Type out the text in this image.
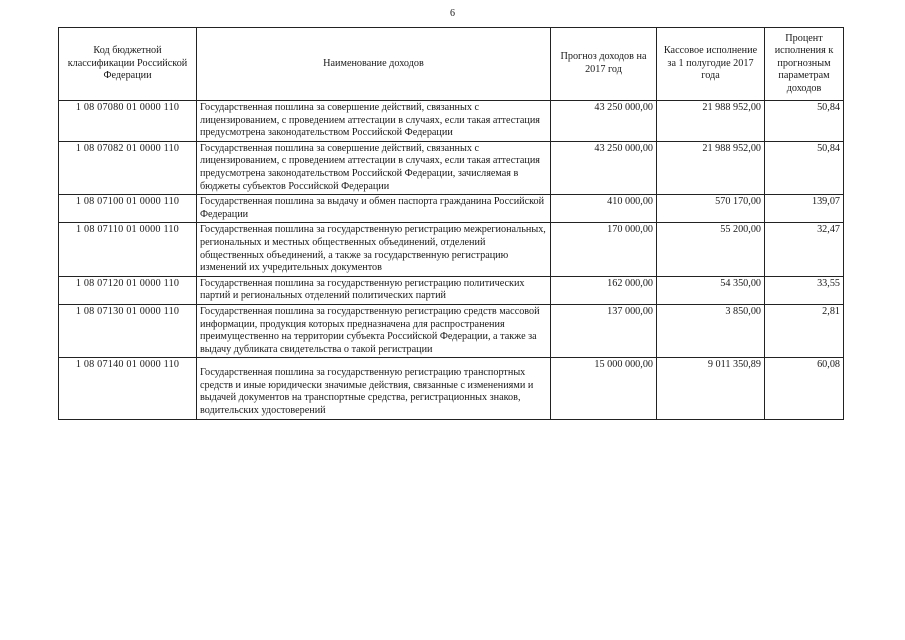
6
Код бюджетной классификации Российской Федерации	Наименование доходов	Прогноз доходов на 2017 год	Кассовое исполнение за 1 полугодие 2017 года	Процент исполнения к прогнозным параметрам доходов
1 08 07080 01 0000 110	Государственная пошлина за совершение действий, связанных с лицензированием, с проведением аттестации в случаях, если такая аттестация предусмотрена законодательством Российской Федерации	43 250 000,00	21 988 952,00	50,84
1 08 07082 01 0000 110	Государственная пошлина за совершение действий, связанных с лицензированием, с проведением аттестации в случаях, если такая аттестация предусмотрена законодательством Российской Федерации, зачисляемая в бюджеты субъектов Российской Федерации	43 250 000,00	21 988 952,00	50,84
1 08 07100 01 0000 110	Государственная пошлина за выдачу и обмен паспорта гражданина Российской Федерации	410 000,00	570 170,00	139,07
1 08 07110 01 0000 110	Государственная пошлина за государственную регистрацию межрегиональных, региональных и местных общественных объединений, отделений общественных объединений, а также за государственную регистрацию изменений их учредительных документов	170 000,00	55 200,00	32,47
1 08 07120 01 0000 110	Государственная пошлина за государственную регистрацию политических партий и региональных отделений политических партий	162 000,00	54 350,00	33,55
1 08 07130 01 0000 110	Государственная пошлина за государственную регистрацию средств массовой информации, продукция которых предназначена для распространения преимущественно на территории субъекта Российской Федерации, а также за выдачу дубликата свидетельства о такой регистрации	137 000,00	3 850,00	2,81
1 08 07140 01 0000 110	Государственная пошлина за государственную регистрацию транспортных средств и иные юридически значимые действия, связанные с изменениями и выдачей документов на транспортные средства, регистрационных знаков, водительских удостоверений	15 000 000,00	9 011 350,89	60,08
